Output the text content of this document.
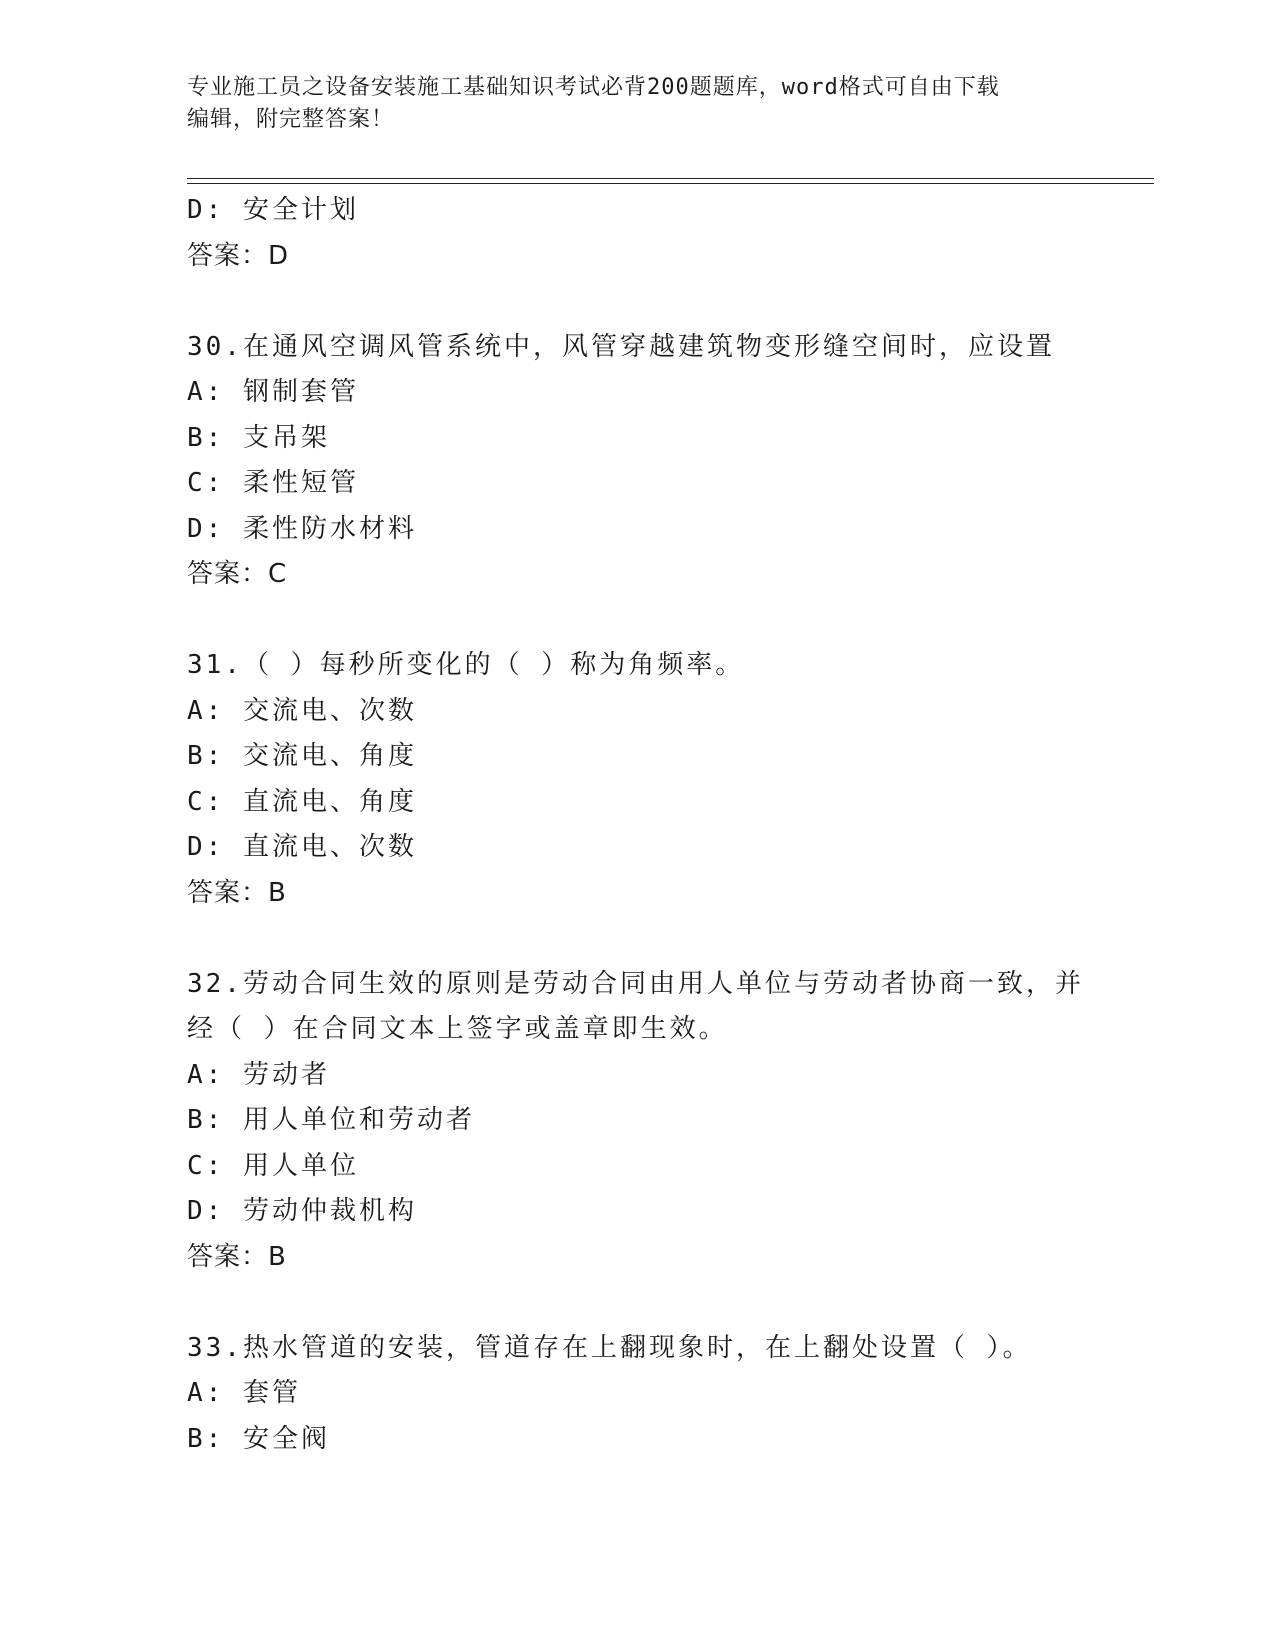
专业施工员之设备安装施工基础知识考试必背200题题库，word格式可自由下载
编辑，附完整答案！
D: 安全计划
答案：D
30.在通风空调风管系统中，风管穿越建筑物变形缝空间时，应设置
A: 钢制套管
B: 支吊架
C: 柔性短管
D: 柔性防水材料
答案：C
31.（ ）每秒所变化的（ ）称为角频率。
A: 交流电、次数
B: 交流电、角度
C: 直流电、角度
D: 直流电、次数
答案：B
32.劳动合同生效的原则是劳动合同由用人单位与劳动者协商一致，并
经（ ）在合同文本上签字或盖章即生效。
A: 劳动者
B: 用人单位和劳动者
C: 用人单位
D: 劳动仲裁机构
答案：B
33.热水管道的安装，管道存在上翻现象时，在上翻处设置（ ）。
A: 套管
B: 安全阀
